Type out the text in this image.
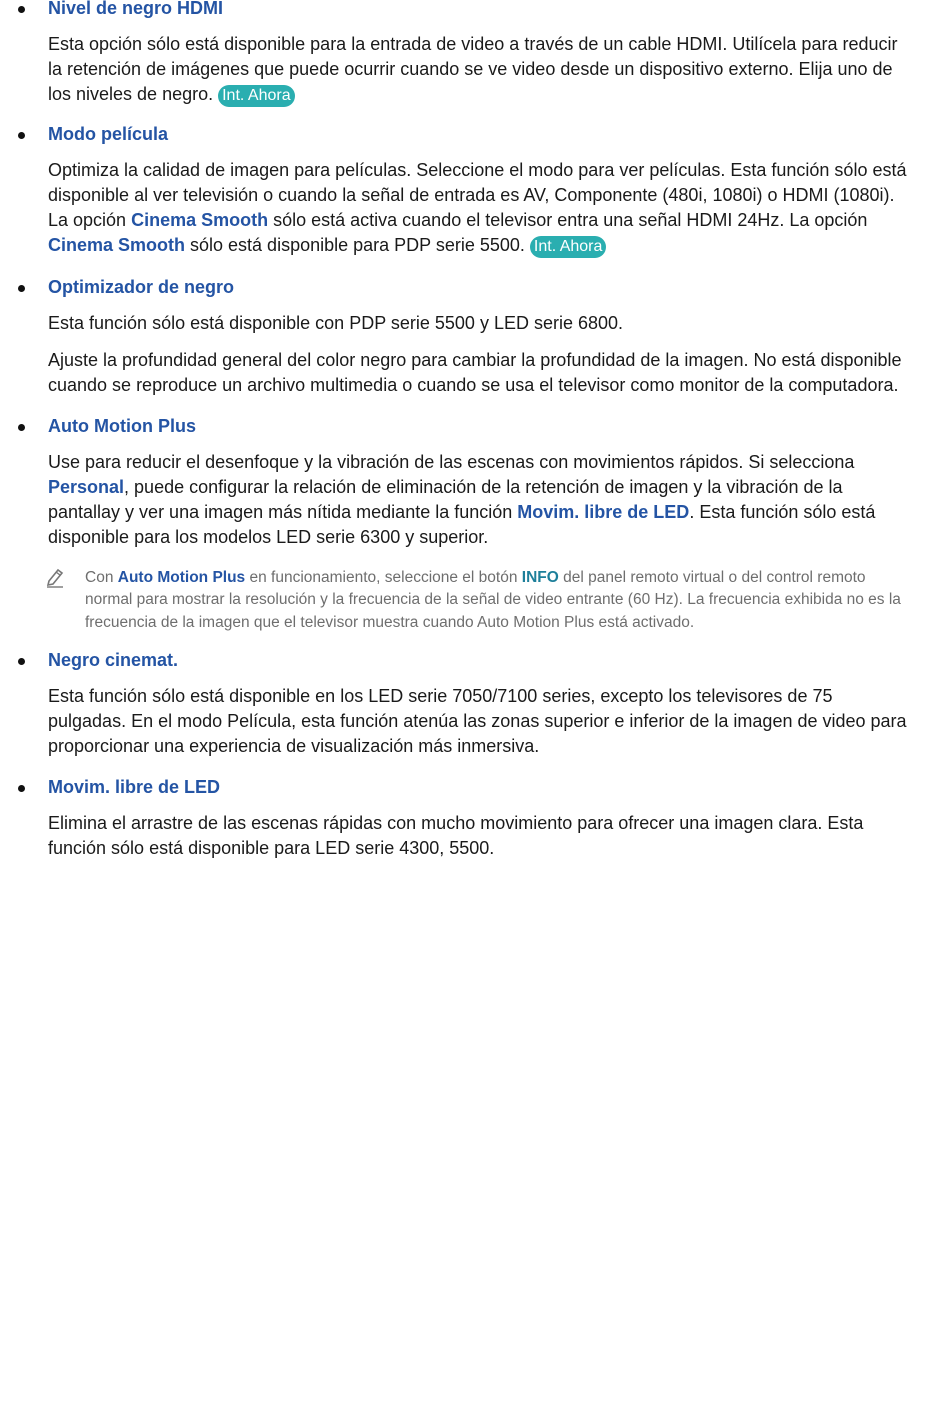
Nivel de negro HDMI

Esta opción sólo está disponible para la entrada de video a través de un cable HDMI. Utilícela para reducir la retención de imágenes que puede ocurrir cuando se ve video desde un dispositivo externo. Elija uno de los niveles de negro. Int. Ahora

Modo película

Optimiza la calidad de imagen para películas. Seleccione el modo para ver películas. Esta función sólo está disponible al ver televisión o cuando la señal de entrada es AV, Componente (480i, 1080i) o HDMI (1080i). La opción Cinema Smooth sólo está activa cuando el televisor entra una señal HDMI 24Hz. La opción Cinema Smooth sólo está disponible para PDP serie 5500. Int. Ahora

Optimizador de negro

Esta función sólo está disponible con PDP serie 5500 y LED serie 6800.

Ajuste la profundidad general del color negro para cambiar la profundidad de la imagen. No está disponible cuando se reproduce un archivo multimedia o cuando se usa el televisor como monitor de la computadora.

Auto Motion Plus

Use para reducir el desenfoque y la vibración de las escenas con movimientos rápidos. Si selecciona Personal, puede configurar la relación de eliminación de la retención de imagen y la vibración de la pantallay y ver una imagen más nítida mediante la función Movim. libre de LED. Esta función sólo está disponible para los modelos LED serie 6300 y superior.

Con Auto Motion Plus en funcionamiento, seleccione el botón INFO del panel remoto virtual o del control remoto normal para mostrar la resolución y la frecuencia de la señal de video entrante (60 Hz). La frecuencia exhibida no es la frecuencia de la imagen que el televisor muestra cuando Auto Motion Plus está activado.
Negro cinemat.

Esta función sólo está disponible en los LED serie 7050/7100 series, excepto los televisores de 75 pulgadas. En el modo Película, esta función atenúa las zonas superior e inferior de la imagen de video para proporcionar una experiencia de visualización más inmersiva.

Movim. libre de LED

Elimina el arrastre de las escenas rápidas con mucho movimiento para ofrecer una imagen clara. Esta función sólo está disponible para LED serie 4300, 5500.
